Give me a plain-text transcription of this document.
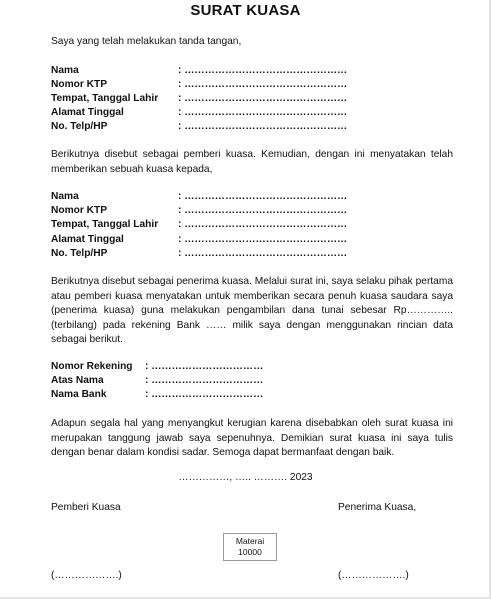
SURAT KUASA
Saya yang telah melakukan tanda tangan,
Nama	: …………………………………………
Nomor KTP	: …………………………………………
Tempat, Tanggal Lahir : …………………………………………
Alamat Tinggal	: …………………………………………
No. Telp/HP	: …………………………………………
Berikutnya disebut sebagai pemberi kuasa. Kemudian, dengan ini menyatakan telah memberikan sebuah kuasa kepada,
Nama	: …………………………………………
Nomor KTP	: …………………………………………
Tempat, Tanggal Lahir : …………………………………………
Alamat Tinggal	: …………………………………………
No. Telp/HP	: …………………………………………
Berikutnya disebut sebagai penerima kuasa. Melalui surat ini, saya selaku pihak pertama atau pemberi kuasa menyatakan untuk memberikan secara penuh kuasa saudara saya (penerima kuasa) guna melakukan pengambilan dana tunai sebesar Rp………….. (terbilang) pada rekening Bank …… milik saya dengan menggunakan rincian data sebagai berikut.
Nomor Rekening : ……………………………
Atas Nama	: ……………………………
Nama Bank	: ……………………………
Adapun segala hal yang menyangkut kerugian karena disebabkan oleh surat kuasa ini merupakan tanggung jawab saya sepenuhnya. Demikian surat kuasa ini saya tulis dengan benar dalam kondisi sadar. Semoga dapat bermanfaat dengan baik.
……………, ….. ………. 2023
Pemberi Kuasa	Penerima Kuasa,
Materai
10000
(……………….)	(……………….)
